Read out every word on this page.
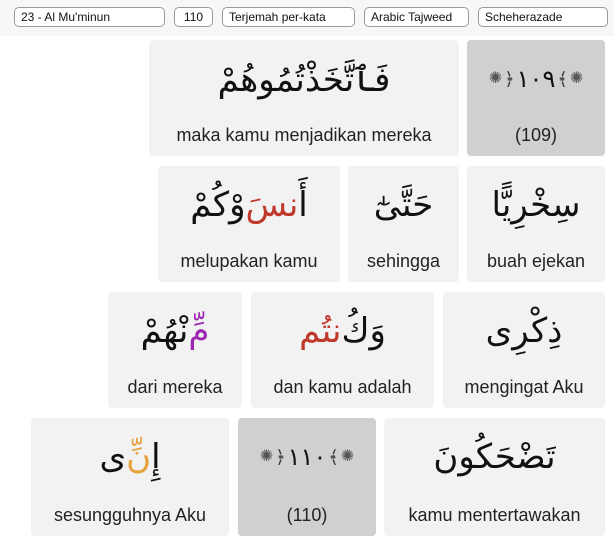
23 - Al Mu'minun	110	Terjemah per-kata	Arabic Tajweed	Scheherazade
✺ ﴿ ١٠٩ ﴾ ✺
(109)
فَٱتَّخَذْتُمُوهُمْ
maka kamu menjadikan mereka
سِخْرِيًّا
buah ejekan
حَتَّىٰٓ
sehingga
أَ
نسَ
وْكُمْ
melupakan kamu
ذِكْرِى
mengingat Aku
وَكُ
نتُم
dan kamu adalah
مِّ
نْهُمْ
dari mereka
تَضْحَكُونَ
kamu mentertawakan
✺ ﴿ ١١٠ ﴾ ✺
(110)
إِ
نِّ
ى
sesungguhnya Aku
